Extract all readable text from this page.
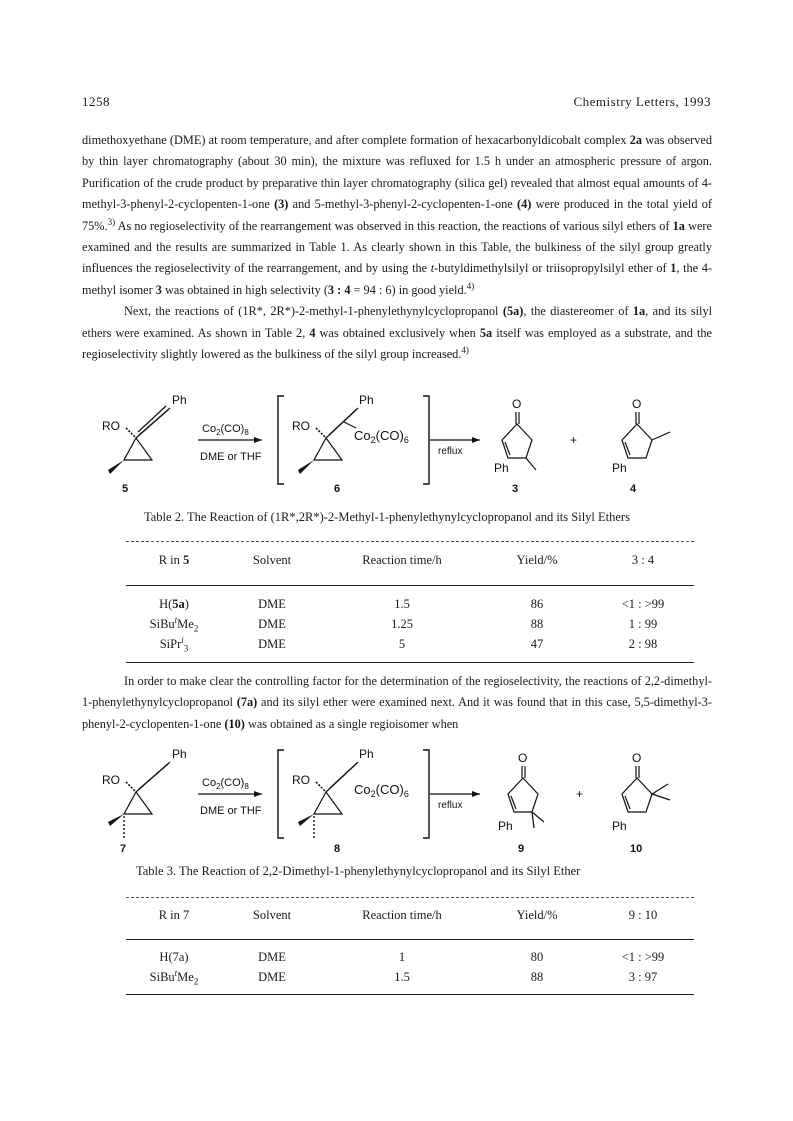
1258	Chemistry Letters, 1993

dimethoxyethane (DME) at room temperature, and after complete formation of hexacarbonyldicobalt complex 2a was observed by thin layer chromatography (about 30 min), the mixture was refluxed for 1.5 h under an atmospheric pressure of argon. Purification of the crude product by preparative thin layer chromatography (silica gel) revealed that almost equal amounts of 4-methyl-3-phenyl-2-cyclopenten-1-one (3) and 5-methyl-3-phenyl-2-cyclopenten-1-one (4) were produced in the total yield of 75%.$^{3)}$ As no regioselectivity of the rearrangement was observed in this reaction, the reactions of various silyl ethers of 1a were examined and the results are summarized in Table 1. As clearly shown in this Table, the bulkiness of the silyl group greatly influences the regioselectivity of the rearrangement, and by using the t-butyldimethylsilyl or triisopropylsilyl ether of 1, the 4-methyl isomer 3 was obtained in high selectivity (3 : 4 = 94 : 6) in good yield.$^{4)}$

Next, the reactions of (1R*, 2R*)-2-methyl-1-phenylethynylcyclopropanol (5a), the diastereomer of 1a, and its silyl ethers were examined. As shown in Table 2, 4 was obtained exclusively when 5a itself was employed as a substrate, and the regioselectivity slightly lowered as the bulkiness of the silyl group increased.$^{4)}$

RO
Ph
5
$Co_2(CO)_8$
DME or THF
RO
Ph
$Co_2(CO)_6$
6
reflux
O
Ph
3
+
O
Ph
4
Table 2. The Reaction of (1R*,2R*)-2-Methyl-1-phenylethynylcyclopropanol and its Silyl Ethers
R in 5	Solvent	Reaction time/h	Yield/%	3 : 4

H(5a)	DME	1.5	86	<1 : >99
$SiBu^tMe_2$	DME	1.25	88	1 : 99
SiPr$^i_3$	DME	5	47	2 : 98

In order to make clear the controlling factor for the determination of the regioselectivity, the reactions of 2,2-dimethyl-1-phenylethynylcyclopropanol (7a) and its silyl ether were examined next. And it was found that in this case, 5,5-dimethyl-3-phenyl-2-cyclopenten-1-one (10) was obtained as a single regioisomer when

RO
Ph
7
$Co_2(CO)_8$
DME or THF
RO
Ph
$Co_2(CO)_6$
8
reflux
O
Ph
9
+
O
Ph
10
Table 3. The Reaction of 2,2-Dimethyl-1-phenylethynylcyclopropanol and its Silyl Ether
R in 7	Solvent	Reaction time/h	Yield/%	9 : 10

H(7a)	DME	1	80	<1 : >99
$SiBu^tMe_2$	DME	1.5	88	3 : 97
